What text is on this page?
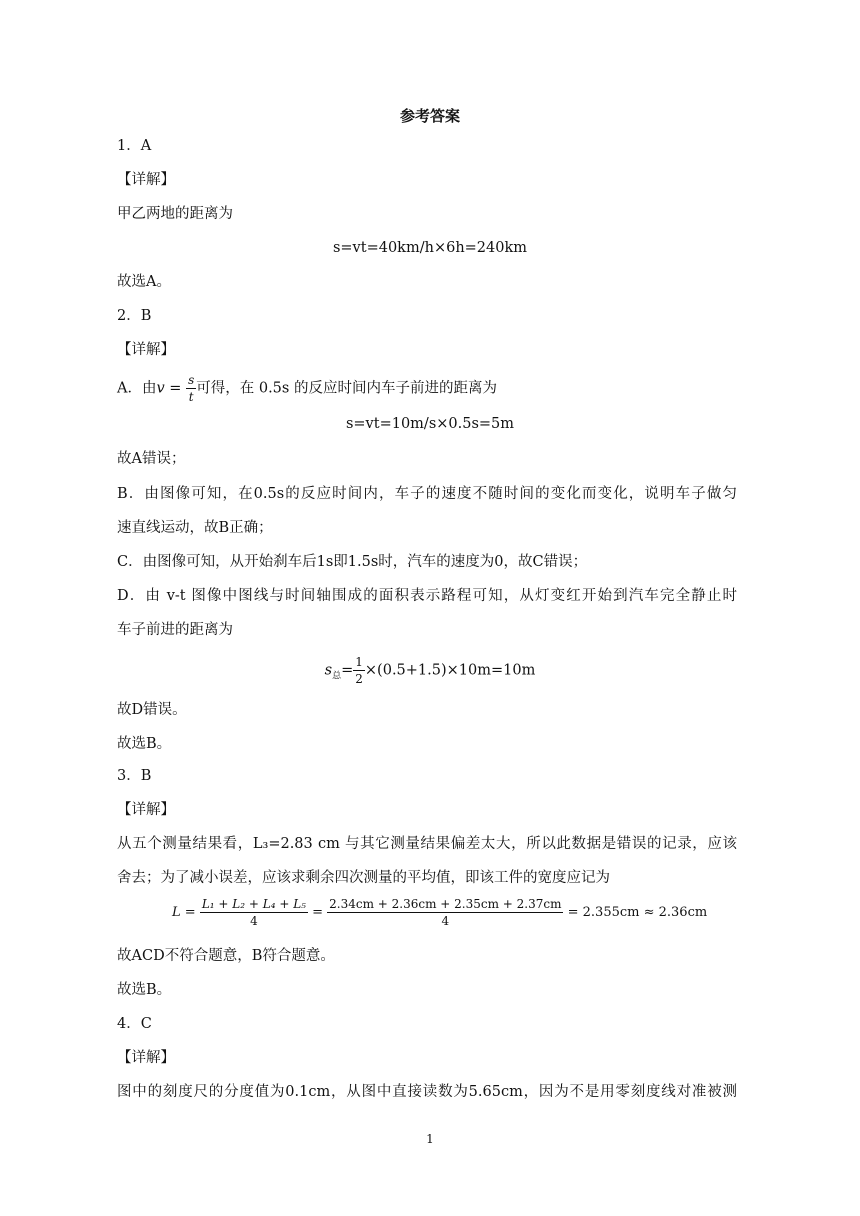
参考答案
1．A
【详解】
甲乙两地的距离为
s=vt=40km/h×6h=240km
故选A。
2．B
【详解】
A．由$v = \frac{s}{t}$ 可得，在 0.5s 的反应时间内车子前进的距离为
s=vt=10m/s×0.5s=5m
故A错误；
B．由图像可知，在0.5s的反应时间内，车子的速度不随时间的变化而变化，说明车子做匀
速直线运动，故B正确；
C．由图像可知，从开始刹车后1s即1.5s时，汽车的速度为0，故C错误；
D．由 v-t 图像中图线与时间轴围成的面积表示路程可知，从灯变红开始到汽车完全静止时
车子前进的距离为
$s_总= \frac{1}{2} \times(0.5+1.5)\times 10m=10m$
故D错误。
故选B。
3．B
【详解】
从五个测量结果看，L₃=2.83 cm 与其它测量结果偏差太大，所以此数据是错误的记录，应该
舍去；为了减小误差，应该求剩余四次测量的平均值，即该工件的宽度应记为
$L = \frac{\text{L₁ + L₂ + L₄ + L₅}}{4} = \frac{2.34cm + 2.36cm + 2.35cm + 2.37cm}{4} = 2.355cm \approx 2.36cm$
故ACD不符合题意，B符合题意。
故选B。
4．C
【详解】
图中的刻度尺的分度值为0.1cm，从图中直接读数为5.65cm，因为不是用零刻度线对准被测
1
